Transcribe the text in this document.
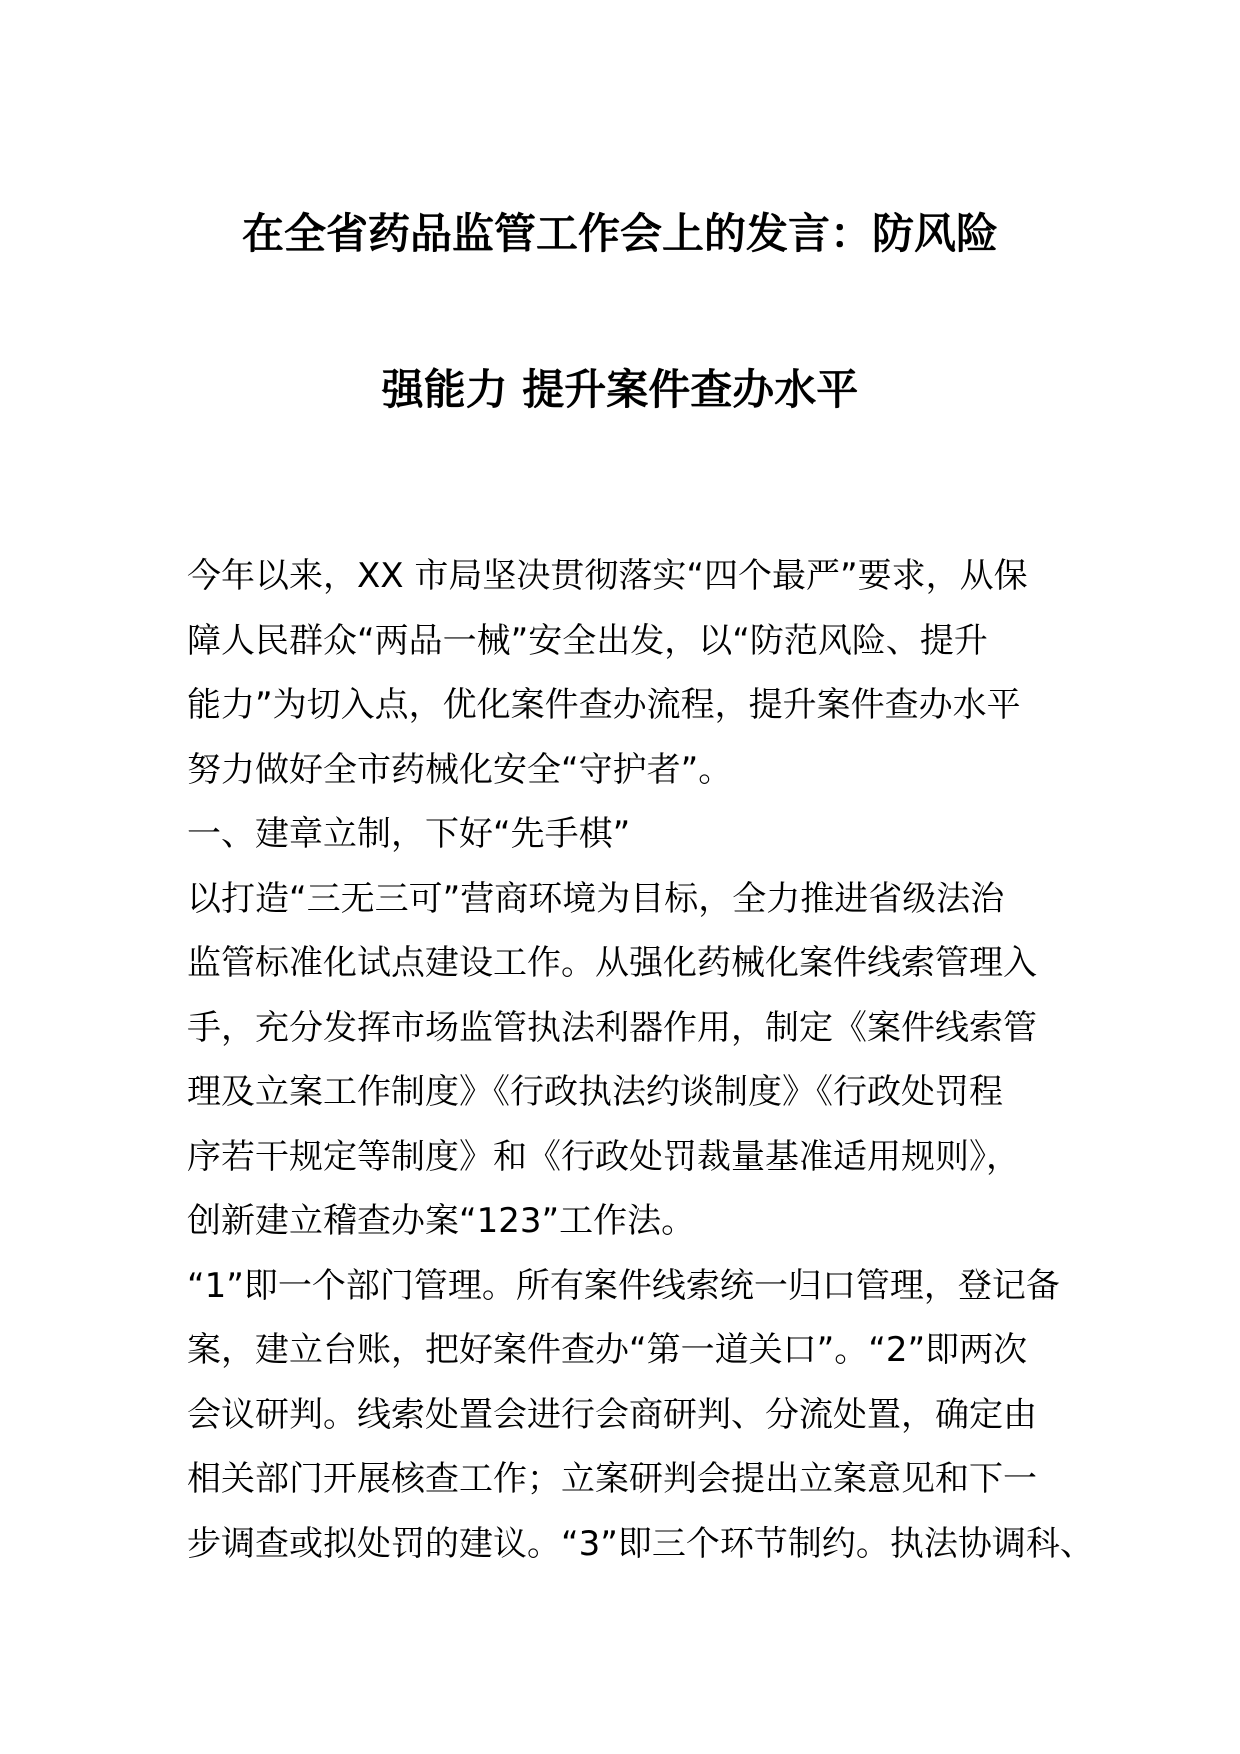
在全省药品监管工作会上的发言：防风险
强能力 提升案件查办水平
今年以来，XX 市局坚决贯彻落实“四个最严”要求，从保
障人民群众“两品一械”安全出发，以“防范风险、提升
能力”为切入点，优化案件查办流程，提升案件查办水平
努力做好全市药械化安全“守护者”。
一、建章立制，下好“先手棋”
以打造“三无三可”营商环境为目标，全力推进省级法治
监管标准化试点建设工作。从强化药械化案件线索管理入
手，充分发挥市场监管执法利器作用，制定《案件线索管
理及立案工作制度》《行政执法约谈制度》《行政处罚程
序若干规定等制度》和《行政处罚裁量基准适用规则》，
创新建立稽查办案“123”工作法。
“1”即一个部门管理。所有案件线索统一归口管理，登记备
案，建立台账，把好案件查办“第一道关口”。“2”即两次
会议研判。线索处置会进行会商研判、分流处置，确定由
相关部门开展核查工作；立案研判会提出立案意见和下一
步调查或拟处罚的建议。“3”即三个环节制约。执法协调科、
